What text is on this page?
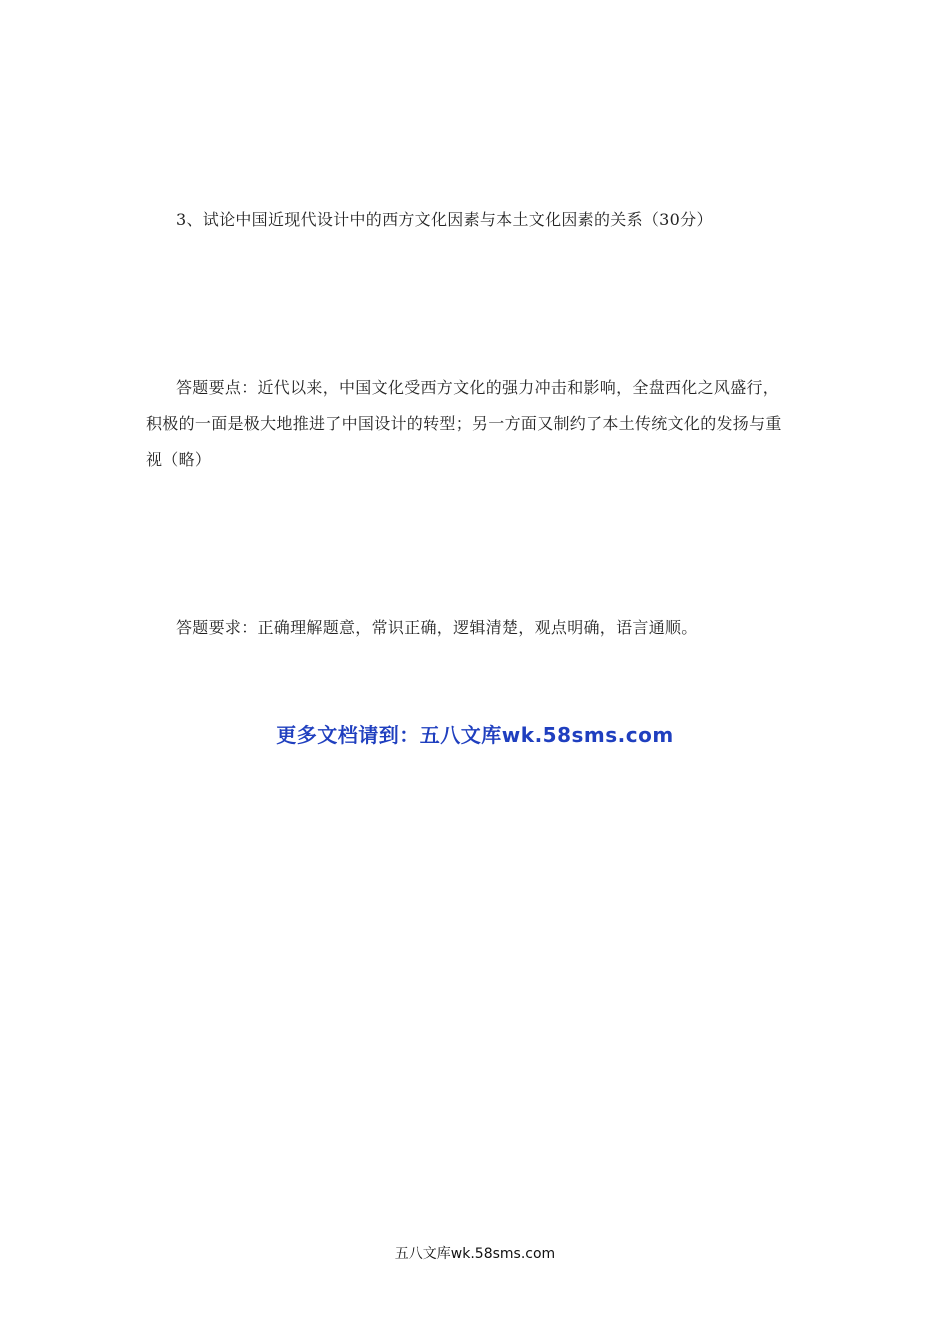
3、试论中国近现代设计中的西方文化因素与本土文化因素的关系（30分）
答题要点：近代以来，中国文化受西方文化的强力冲击和影响，全盘西化之风盛行，
积极的一面是极大地推进了中国设计的转型；另一方面又制约了本土传统文化的发扬与重
视（略）
答题要求：正确理解题意，常识正确，逻辑清楚，观点明确，语言通顺。
更多文档请到：五八文库wk.58sms.com
五八文库wk.58sms.com
